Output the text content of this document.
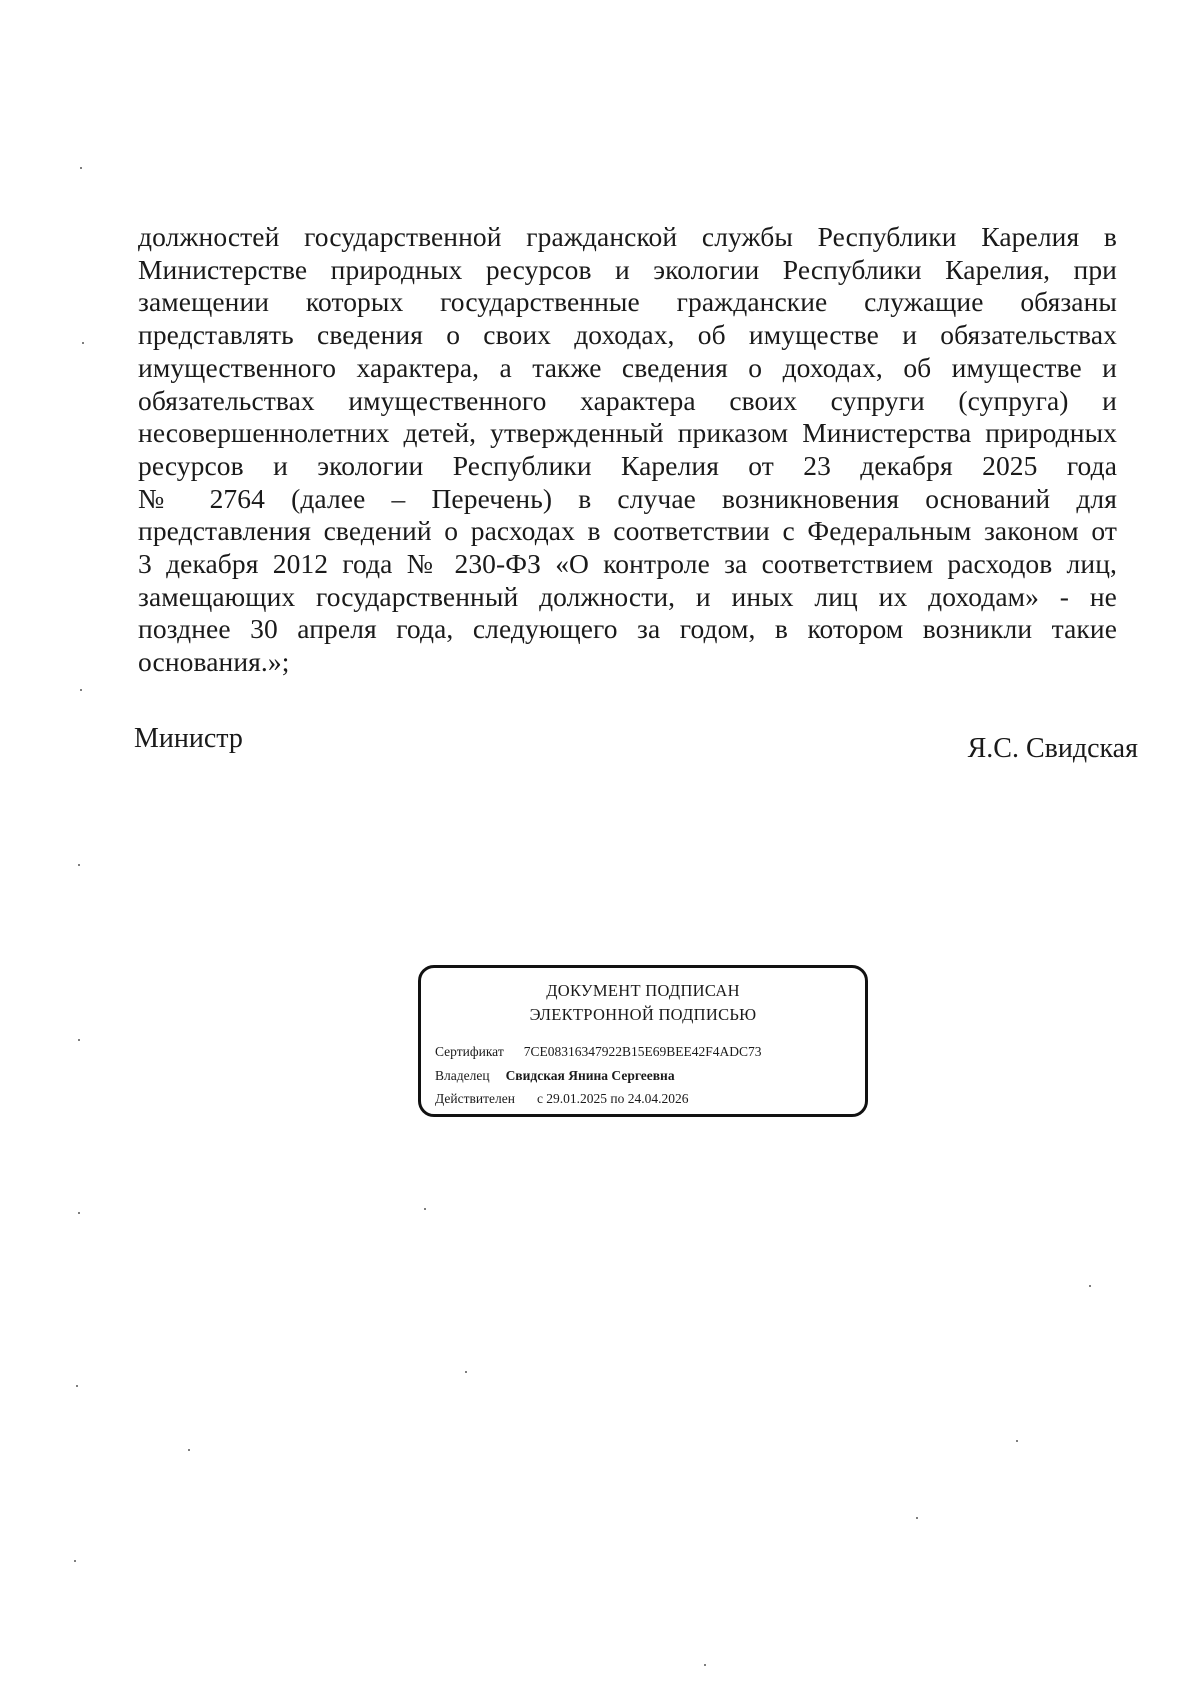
должностей государственной гражданской службы Республики Карелия в
Министерстве природных ресурсов и экологии Республики Карелия, при
замещении которых государственные гражданские служащие обязаны
представлять сведения о своих доходах, об имуществе и обязательствах
имущественного характера, а также сведения о доходах, об имуществе и
обязательствах имущественного характера своих супруги (супруга) и
несовершеннолетних детей, утвержденный приказом Министерства природных
ресурсов и экологии Республики Карелия от 23 декабря 2025 года
№ 2764 (далее – Перечень) в случае возникновения оснований для
представления сведений о расходах в соответствии с Федеральным законом от
3 декабря 2012 года № 230-ФЗ «О контроле за соответствием расходов лиц,
замещающих государственный должности, и иных лиц их доходам» - не
позднее 30 апреля года, следующего за годом, в котором возникли такие
основания.»;
Министр	Я.С. Свидская
ДОКУМЕНТ ПОДПИСАН
ЭЛЕКТРОННОЙ ПОДПИСЬЮ
Сертификат 7CE08316347922B15E69BEE42F4ADC73
Владелец Свидская Янина Сергеевна
Действителен с 29.01.2025 по 24.04.2026
